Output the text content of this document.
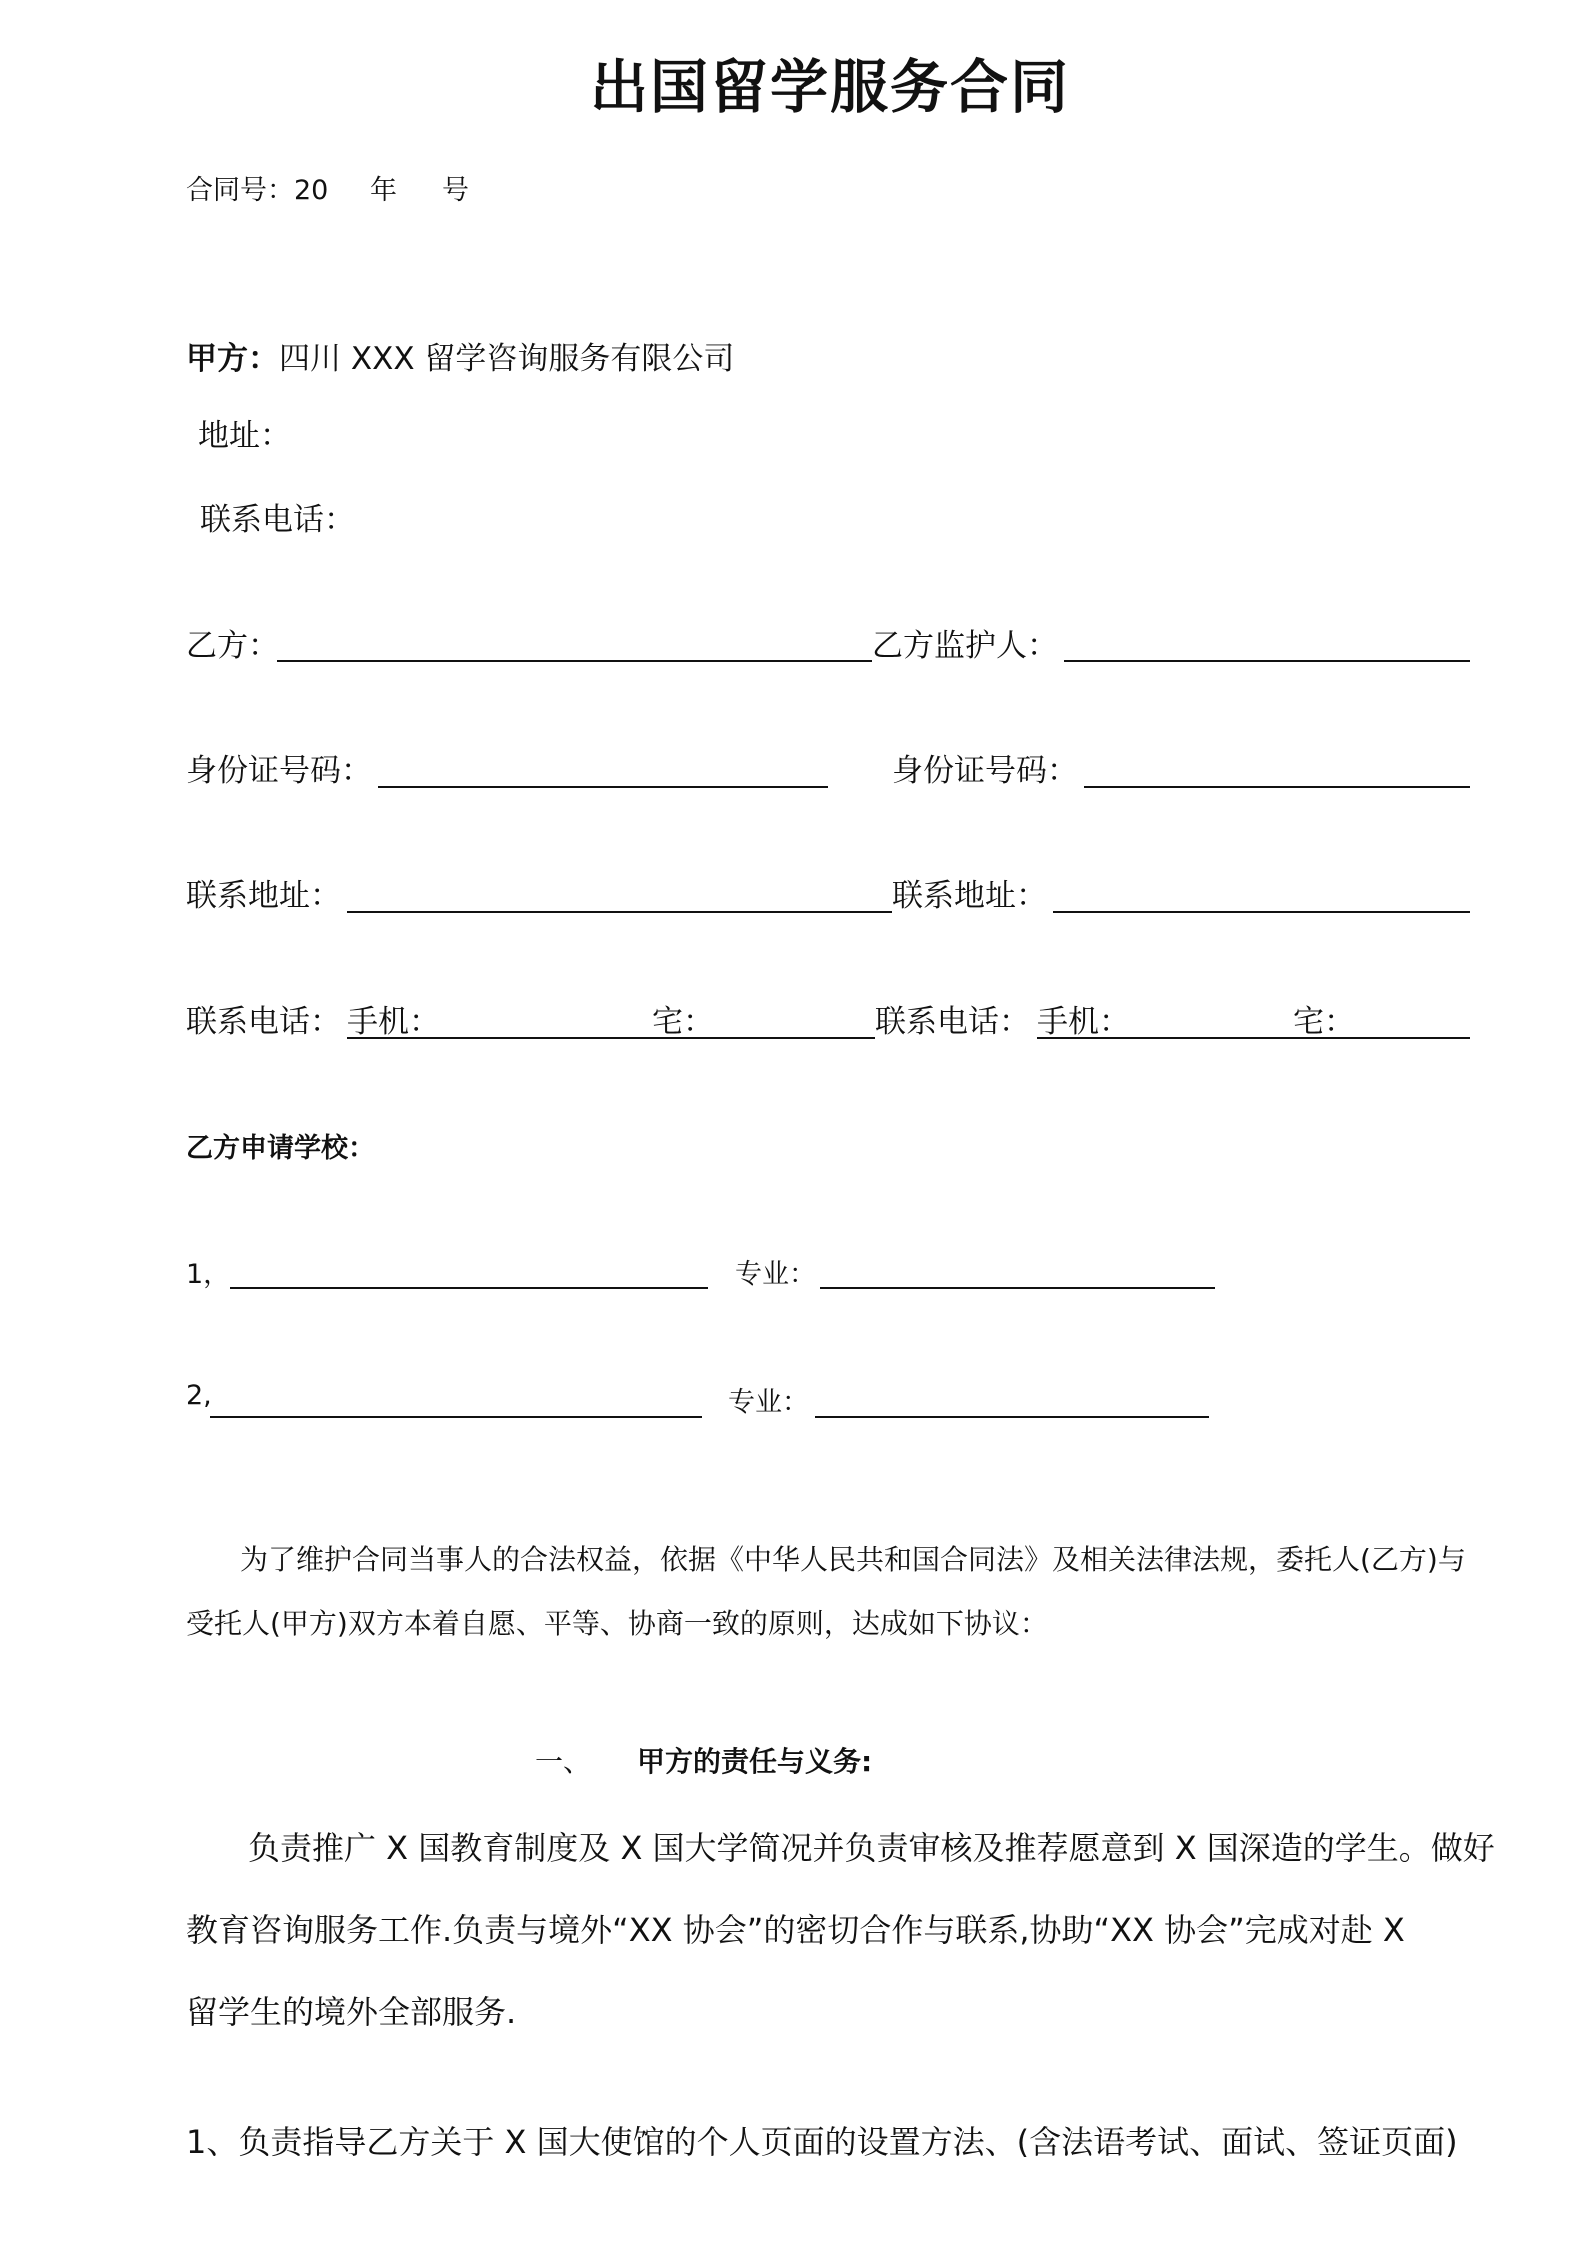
出国留学服务合同
合同号：20 年 号
甲方：四川 XXX 留学咨询服务有限公司
地址：
联系电话：
乙方：	乙方监护人：
身份证号码：	身份证号码：
联系地址：	联系地址：
联系电话： 手机：	宅：	联系电话： 手机：	宅：
乙方申请学校：
1，	专业：
2,	专业：
为了维护合同当事人的合法权益，依据《中华人民共和国合同法》及相关法律法规，委托人(乙方)与
受托人(甲方)双方本着自愿、平等、协商一致的原则，达成如下协议：
一、 甲方的责任与义务:
负责推广 X 国教育制度及 X 国大学简况并负责审核及推荐愿意到 X 国深造的学生。做好
教育咨询服务工作.负责与境外“XX 协会”的密切合作与联系,协助“XX 协会”完成对赴 X
留学生的境外全部服务.
1、负责指导乙方关于 X 国大使馆的个人页面的设置方法、(含法语考试、面试、签证页面)
